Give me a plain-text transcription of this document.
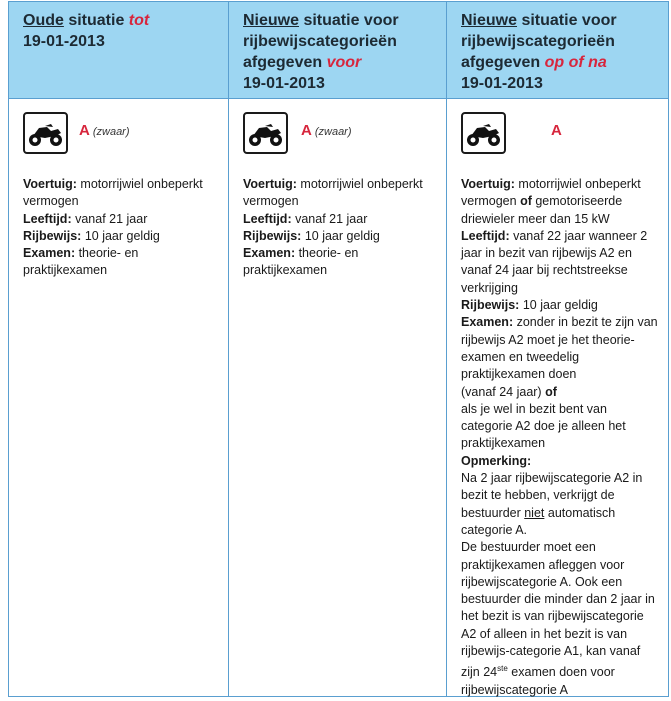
Oude situatie tot
19-01-2013
A (zwaar)

Voertuig: motorrijwiel onbeperkt vermogen

Leeftijd: vanaf 21 jaar

Rijbewijs: 10 jaar geldig

Examen: theorie- en praktijkexamen

Nieuwe situatie voor rijbewijscategorieën afgegeven voor
19-01-2013
A (zwaar)

Voertuig: motorrijwiel onbeperkt vermogen

Leeftijd: vanaf 21 jaar

Rijbewijs: 10 jaar geldig

Examen: theorie- en praktijkexamen

Nieuwe situatie voor rijbewijscategorieën afgegeven op of na
19-01-2013
A

Voertuig: motorrijwiel onbeperkt vermogen of gemotoriseerde driewieler meer dan 15 kW

Leeftijd: vanaf 22 jaar wanneer 2 jaar in bezit van rijbewijs A2 en vanaf 24 jaar bij rechtstreekse verkrijging

Rijbewijs: 10 jaar geldig

Examen: zonder in bezit te zijn van rijbewijs A2 moet je het theorie-examen en tweedelig praktijkexamen doen

(vanaf 24 jaar) of

als je wel in bezit bent van categorie A2 doe je alleen het praktijkexamen

Opmerking:

Na 2 jaar rijbewijscategorie A2 in bezit te hebben, verkrijgt de bestuurder niet automatisch categorie A.

De bestuurder moet een praktijkexamen afleggen voor rijbewijscategorie A. Ook een bestuurder die minder dan 2 jaar in het bezit is van rijbewijscategorie A2 of alleen in het bezit is van rijbewijs-categorie A1, kan vanaf zijn 24ste examen doen voor rijbewijscategorie A
